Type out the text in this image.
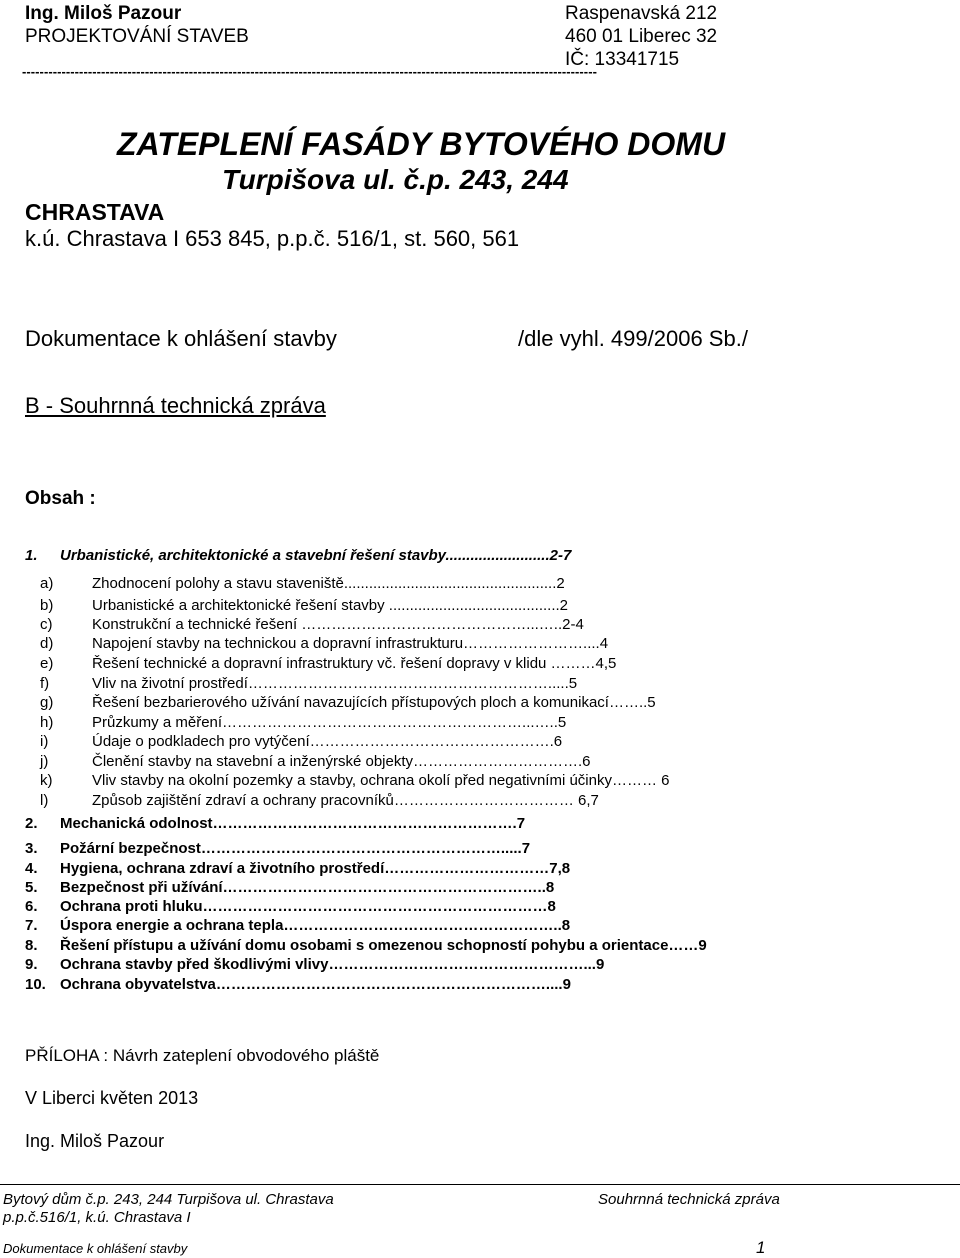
Ing. Miloš Pazour
PROJEKTOVÁNÍ STAVEB
Raspenavská 212
460 01 Liberec 32
IČ: 13341715
-----------------------------------------------------------------------------------------------------------------------------------
ZATEPLENÍ FASÁDY BYTOVÉHO DOMU
Turpišova ul. č.p. 243, 244
CHRASTAVA
k.ú. Chrastava I 653 845, p.p.č. 516/1, st. 560, 561
Dokumentace k ohlášení stavby	/dle vyhl. 499/2006 Sb./
B - Souhrnná technická zpráva
Obsah :
1. Urbanistické, architektonické a stavební řešení stavby.........................2-7
a)	Zhodnocení polohy a stavu staveniště...................................................2
b)	Urbanistické a architektonické řešení stavby .........................................2
c)	Konstrukční a technické řešení ………………………………………...…..2-4
d)	Napojení stavby na technickou a dopravní infrastrukturu……………………....4
e)	Řešení technické a dopravní infrastruktury vč. řešení dopravy v klidu ………4,5
f)	Vliv na životní prostředí…………………………………………………….....5
g)	Řešení bezbarierového užívání navazujících přístupových ploch a komunikací……..5
h)	Průzkumy a měření……………………………………………………...…..5
i)	Údaje o podkladech pro vytýčení………………………………………….6
j)	Členění stavby na stavební a inženýrské objekty…………………………….6
k)	Vliv stavby na okolní pozemky a stavby, ochrana okolí před negativními účinky……… 6
l)	Způsob zajištění zdraví a ochrany pracovníků……………………………… 6,7
2. Mechanická odolnost…………………………………………………….7
3. Požární bezpečnost…………………………………………………….....7
4. Hygiena, ochrana zdraví a životního prostředí……………………………7,8
5. Bezpečnost při užívání………………………………………………………..8
6. Ochrana proti hluku……………………………………………………………8
7. Úspora energie a ochrana tepla………………………………………………..8
8. Řešení přístupu a užívání domu osobami s omezenou schopností pohybu a orientace……9
9. Ochrana stavby před škodlivými vlivy……………………………………………...9
10. Ochrana obyvatelstva…………………………………………………………....9
PŘÍLOHA : Návrh zateplení obvodového pláště
V Liberci květen 2013
Ing. Miloš Pazour
Bytový dům č.p. 243, 244 Turpišova ul. Chrastava
p.p.č.516/1, k.ú. Chrastava I
Souhrnná technická zpráva
Dokumentace k ohlášení stavby	1
